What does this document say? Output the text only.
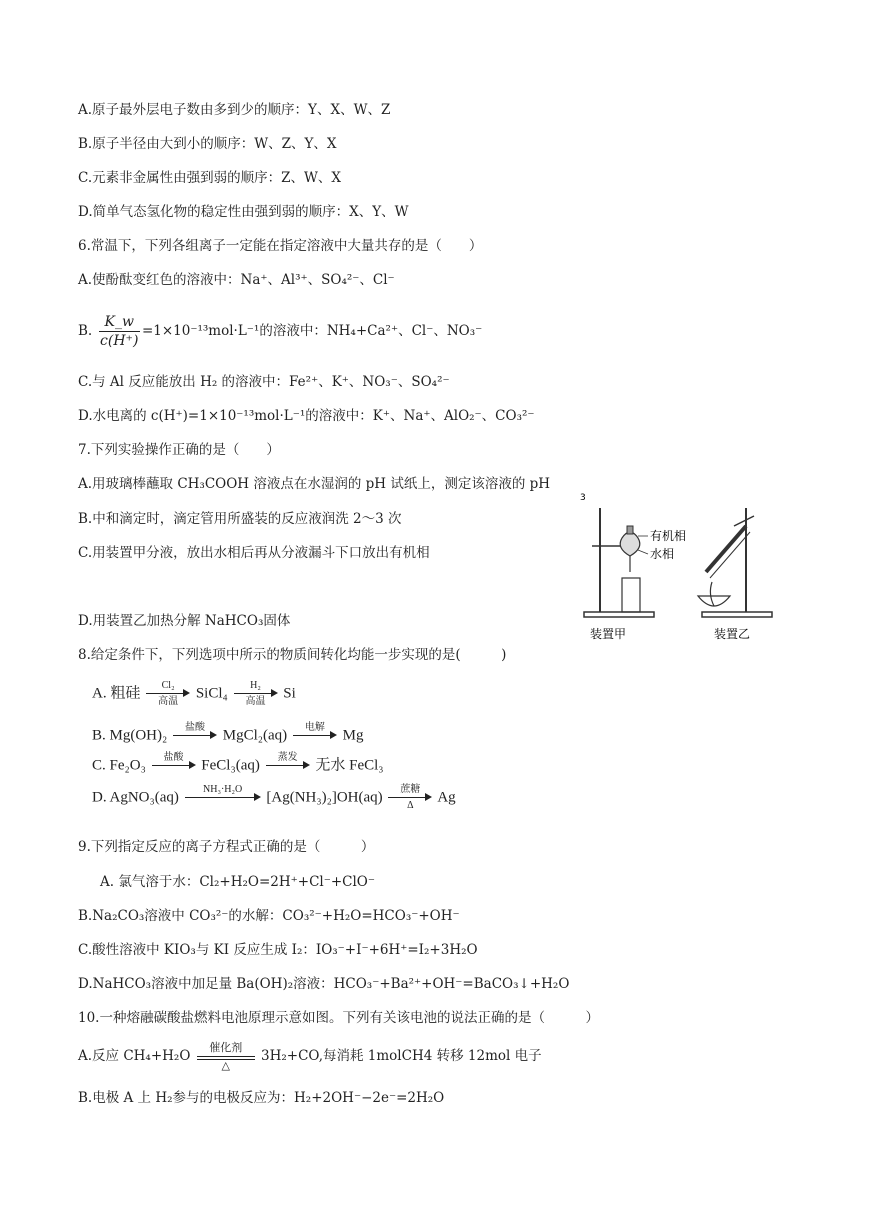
A.原子最外层电子数由多到少的顺序：Y、X、W、Z
B.原子半径由大到小的顺序：W、Z、Y、X
C.元素非金属性由强到弱的顺序：Z、W、X
D.简单气态氢化物的稳定性由强到弱的顺序：X、Y、W
6.常温下，下列各组离子一定能在指定溶液中大量共存的是（　　）
A.使酚酞变红色的溶液中：Na⁺、Al³⁺、SO₄²⁻、Cl⁻
B. $\frac{K\_w}{c(H^+)} =1\times 10^{-13}mol\cdot L^{-1}$的溶液中：NH₄+Ca²⁺、Cl⁻、NO₃⁻
C.与 Al 反应能放出 H₂ 的溶液中：Fe²⁺、K⁺、NO₃⁻、SO₄²⁻
D.水电离的 c(H⁺)=1×10⁻¹³mol·L⁻¹的溶液中：K⁺、Na⁺、AlO₂⁻、CO₃²⁻
7.下列实验操作正确的是（　　）
A.用玻璃棒蘸取 CH₃COOH 溶液点在水湿润的 pH 试纸上，测定该溶液的 pH
B.中和滴定时，滴定管用所盛装的反应液润洗 2～3 次
C.用装置甲分液，放出水相后再从分液漏斗下口放出有机相
D.用装置乙加热分解 NaHCO₃固体
3
有机相
水相
装置甲	装置乙
8.给定条件下，下列选项中所示的物质间转化均能一步实现的是(　　　)
A. 粗硅	Cl₂
高温
SiCl₄	H₂
高温
Si
B. Mg(OH)₂	盐酸	MgCl₂(aq)	电解	Mg
C. Fe₂O₃	盐酸	FeCl₃(aq)	蒸发	无水 FeCl₃
D. AgNO₃(aq)	NH₃·H₂O	[Ag(NH₃)₂]OH(aq)	蔗糖
Δ
Ag
9.下列指定反应的离子方程式正确的是（　　　）
A. 氯气溶于水：Cl₂+H₂O=2H⁺+Cl⁻+ClO⁻
B.Na₂CO₃溶液中 CO₃²⁻的水解：CO₃²⁻+H₂O=HCO₃⁻+OH⁻
C.酸性溶液中 KIO₃与 KI 反应生成 I₂：IO₃⁻+I⁻+6H⁺=I₂+3H₂O
D.NaHCO₃溶液中加足量 Ba(OH)₂溶液：HCO₃⁻+Ba²⁺+OH⁻=BaCO₃↓+H₂O
10.一种熔融碳酸盐燃料电池原理示意如图。下列有关该电池的说法正确的是（　　　）
A.反应 CH₄+H₂O
催化剂
△
3H₂+CO,每消耗 1molCH4 转移 12mol 电子
B.电极 A 上 H₂参与的电极反应为：H₂+2OH⁻−2e⁻=2H₂O
